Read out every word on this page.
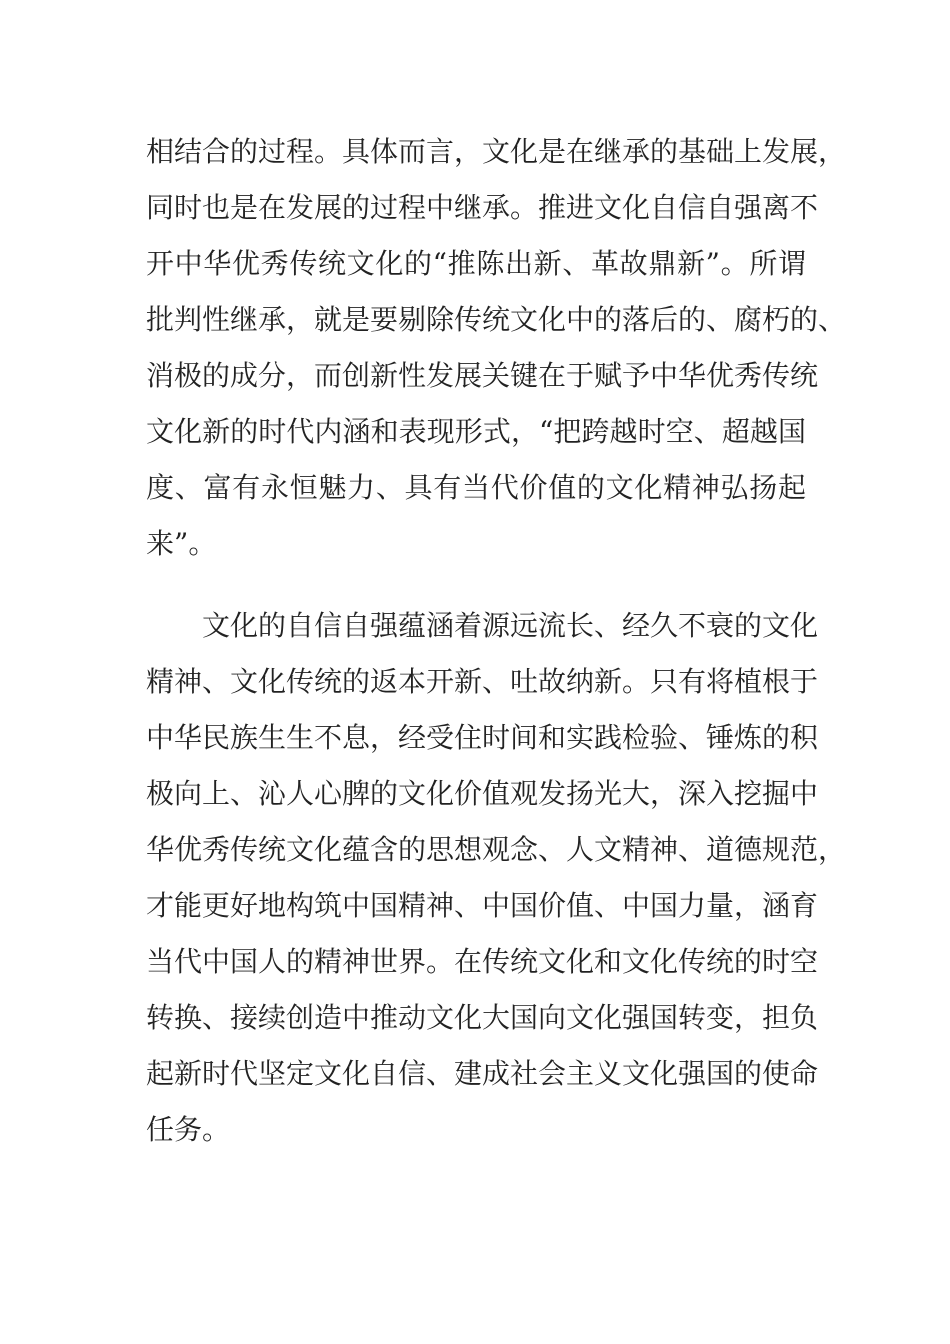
相结合的过程。具体而言，文化是在继承的基础上发展，
同时也是在发展的过程中继承。推进文化自信自强离不
开中华优秀传统文化的“推陈出新、革故鼎新”。所谓
批判性继承，就是要剔除传统文化中的落后的、腐朽的、
消极的成分，而创新性发展关键在于赋予中华优秀传统
文化新的时代内涵和表现形式，“把跨越时空、超越国
度、富有永恒魅力、具有当代价值的文化精神弘扬起
来”。
文化的自信自强蕴涵着源远流长、经久不衰的文化
精神、文化传统的返本开新、吐故纳新。只有将植根于
中华民族生生不息，经受住时间和实践检验、锤炼的积
极向上、沁人心脾的文化价值观发扬光大，深入挖掘中
华优秀传统文化蕴含的思想观念、人文精神、道德规范，
才能更好地构筑中国精神、中国价值、中国力量，涵育
当代中国人的精神世界。在传统文化和文化传统的时空
转换、接续创造中推动文化大国向文化强国转变，担负
起新时代坚定文化自信、建成社会主义文化强国的使命
任务。
